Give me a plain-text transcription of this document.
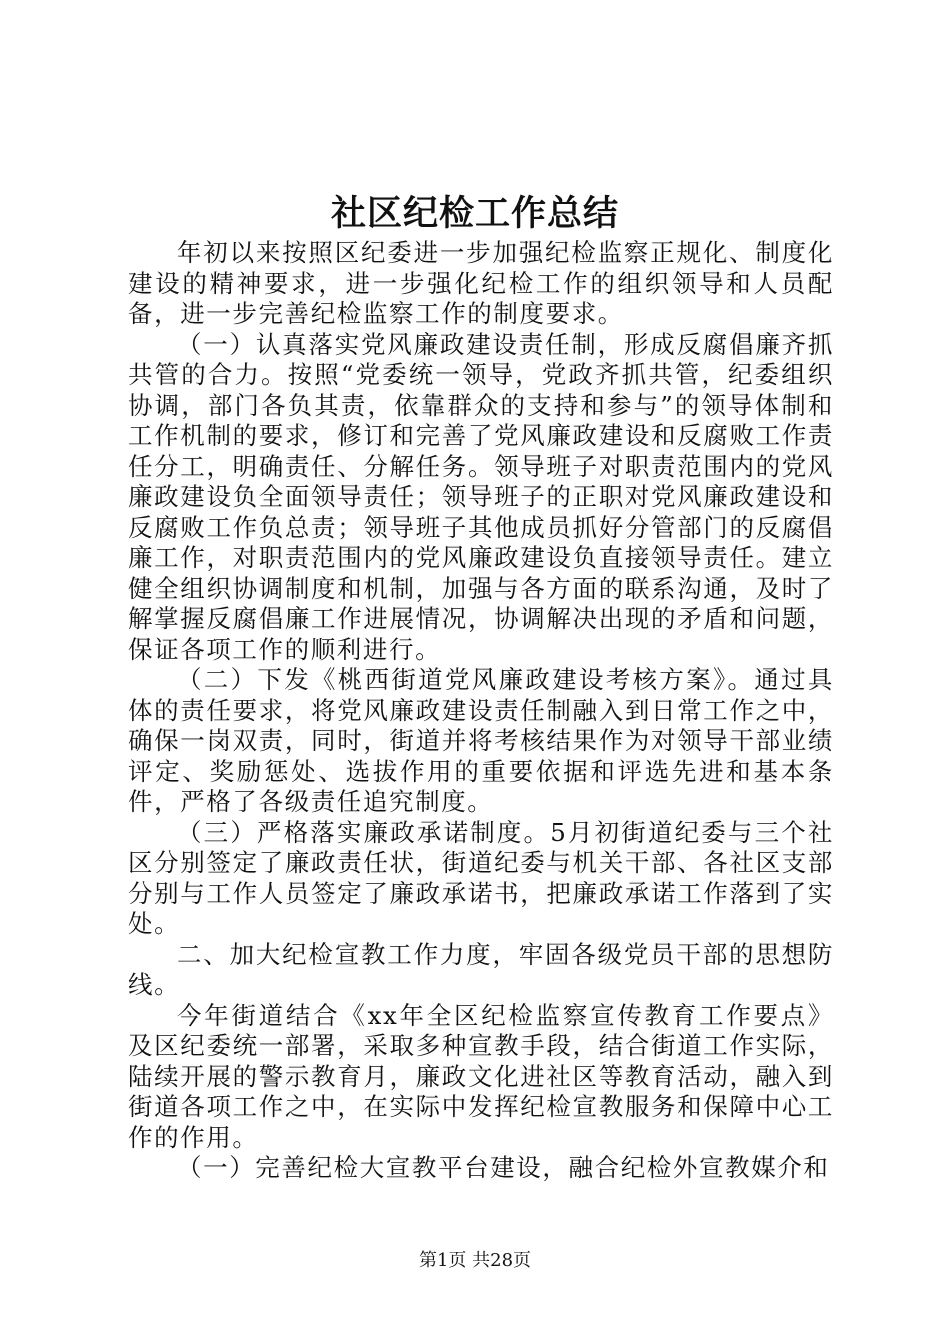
社区纪检工作总结

年初以来按照区纪委进一步加强纪检监察正规化、制度化建设的精神要求，进一步强化纪检工作的组织领导和人员配备，进一步完善纪检监察工作的制度要求。

（一）认真落实党风廉政建设责任制，形成反腐倡廉齐抓共管的合力。按照“党委统一领导，党政齐抓共管，纪委组织协调，部门各负其责，依靠群众的支持和参与”的领导体制和工作机制的要求，修订和完善了党风廉政建设和反腐败工作责任分工，明确责任、分解任务。领导班子对职责范围内的党风廉政建设负全面领导责任；领导班子的正职对党风廉政建设和反腐败工作负总责；领导班子其他成员抓好分管部门的反腐倡廉工作，对职责范围内的党风廉政建设负直接领导责任。建立健全组织协调制度和机制，加强与各方面的联系沟通，及时了解掌握反腐倡廉工作进展情况，协调解决出现的矛盾和问题，保证各项工作的顺利进行。

（二）下发《桃西街道党风廉政建设考核方案》。通过具体的责任要求，将党风廉政建设责任制融入到日常工作之中，确保一岗双责，同时，街道并将考核结果作为对领导干部业绩评定、奖励惩处、选拔作用的重要依据和评选先进和基本条件，严格了各级责任追究制度。

（三）严格落实廉政承诺制度。5月初街道纪委与三个社区分别签定了廉政责任状，街道纪委与机关干部、各社区支部分别与工作人员签定了廉政承诺书，把廉政承诺工作落到了实处。

二、加大纪检宣教工作力度，牢固各级党员干部的思想防线。

今年街道结合《xx年全区纪检监察宣传教育工作要点》及区纪委统一部署，采取多种宣教手段，结合街道工作实际，陆续开展的警示教育月，廉政文化进社区等教育活动，融入到街道各项工作之中，在实际中发挥纪检宣教服务和保障中心工作的作用。

（一）完善纪检大宣教平台建设，融合纪检外宣教媒介和

第1页 共28页
